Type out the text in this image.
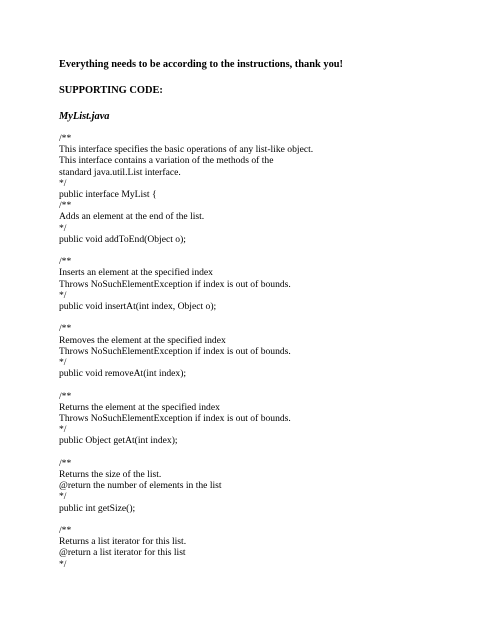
Everything needs to be according to the instructions, thank you!

SUPPORTING CODE:

MyList.java

/**
This interface specifies the basic operations of any list-like object.
This interface contains a variation of the methods of the
standard java.util.List interface.
*/
public interface MyList {
/**
Adds an element at the end of the list.
*/
public void addToEnd(Object o);
/**
Inserts an element at the specified index
Throws NoSuchElementException if index is out of bounds.
*/
public void insertAt(int index, Object o);
/**
Removes the element at the specified index
Throws NoSuchElementException if index is out of bounds.
*/
public void removeAt(int index);
/**
Returns the element at the specified index
Throws NoSuchElementException if index is out of bounds.
*/
public Object getAt(int index);
/**
Returns the size of the list.
@return the number of elements in the list
*/
public int getSize();
/**
Returns a list iterator for this list.
@return a list iterator for this list
*/
